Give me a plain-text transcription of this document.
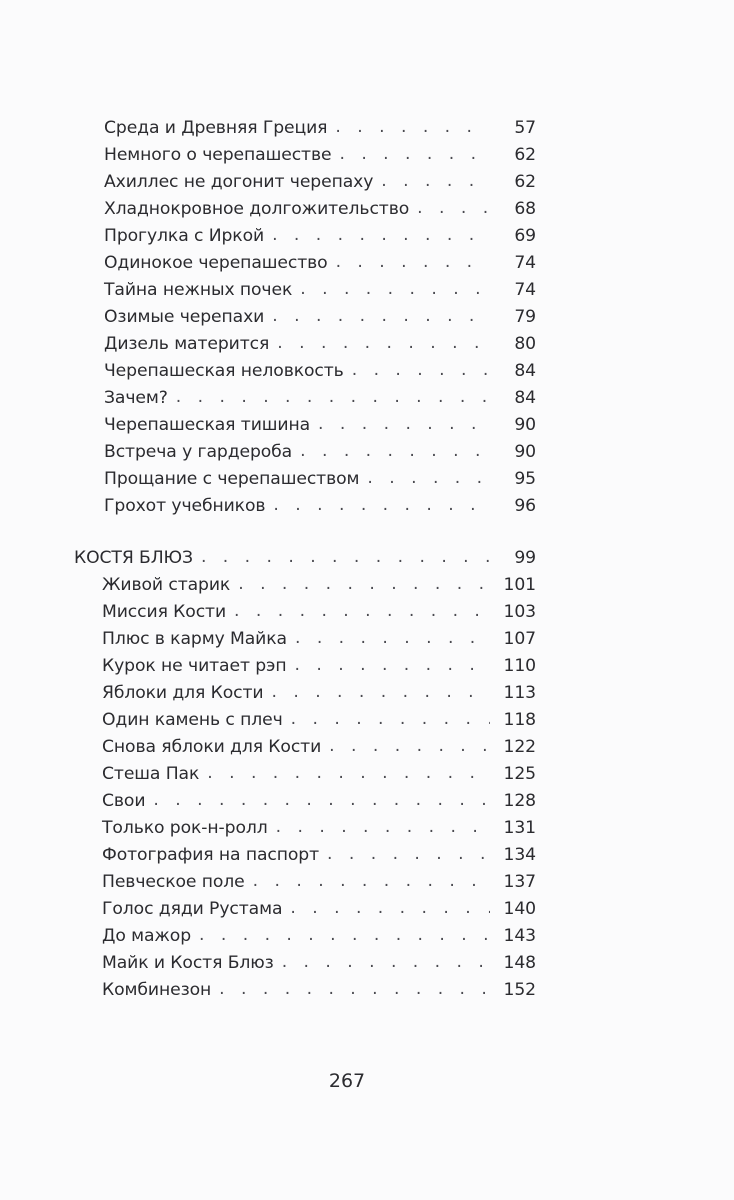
Среда и Древняя Греция . .	57
Немного о черепашестве . .	62
Ахиллес не догонит черепаху . .	62
Хладнокровное долгожительство . .	68
Прогулка с Иркой . .	69
Одинокое черепашество . .	74
Тайна нежных почек . .	74
Озимые черепахи . .	79
Дизель матерится . .	80
Черепашеская неловкость . .	84
Зачем? . .	84
Черепашеская тишина . .	90
Встреча у гардероба . .	90
Прощание с черепашеством . .	95
Грохот учебников . .	96
КОСТЯ БЛЮЗ . .	99
Живой старик . .	101
Миссия Кости . .	103
Плюс в карму Майка . .	107
Курок не читает рэп . .	110
Яблоки для Кости . .	113
Один камень с плеч . .	118
Снова яблоки для Кости . .	122
Стеша Пак . .	125
Свои . .	128
Только рок-н-ролл . .	131
Фотография на паспорт . .	134
Певческое поле . .	137
Голос дяди Рустама . .	140
До мажор . .	143
Майк и Костя Блюз . .	148
Комбинезон . .	152
267
